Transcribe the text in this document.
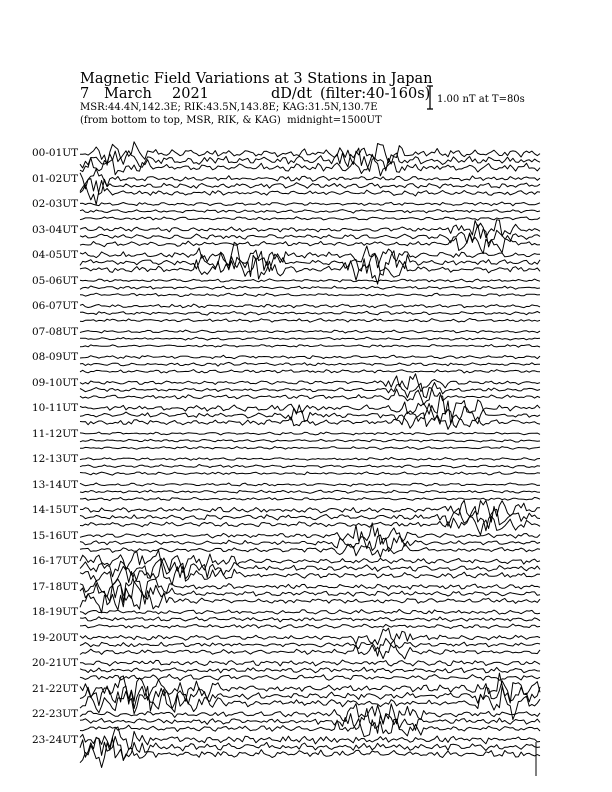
Magnetic Field Variations at 3 Stations in Japan
7 March 2021	dD/dt (filter:40-160s)
MSR:44.4N,142.3E; RIK:43.5N,143.8E; KAG:31.5N,130.7E
(from bottom to top, MSR, RIK, & KAG) midnight=1500UT
1.00 nT at T=80s
00-01UT
01-02UT
02-03UT
03-04UT
04-05UT
05-06UT
06-07UT
07-08UT
08-09UT
09-10UT
10-11UT
11-12UT
12-13UT
13-14UT
14-15UT
15-16UT
16-17UT
17-18UT
18-19UT
19-20UT
20-21UT
21-22UT
22-23UT
23-24UT
